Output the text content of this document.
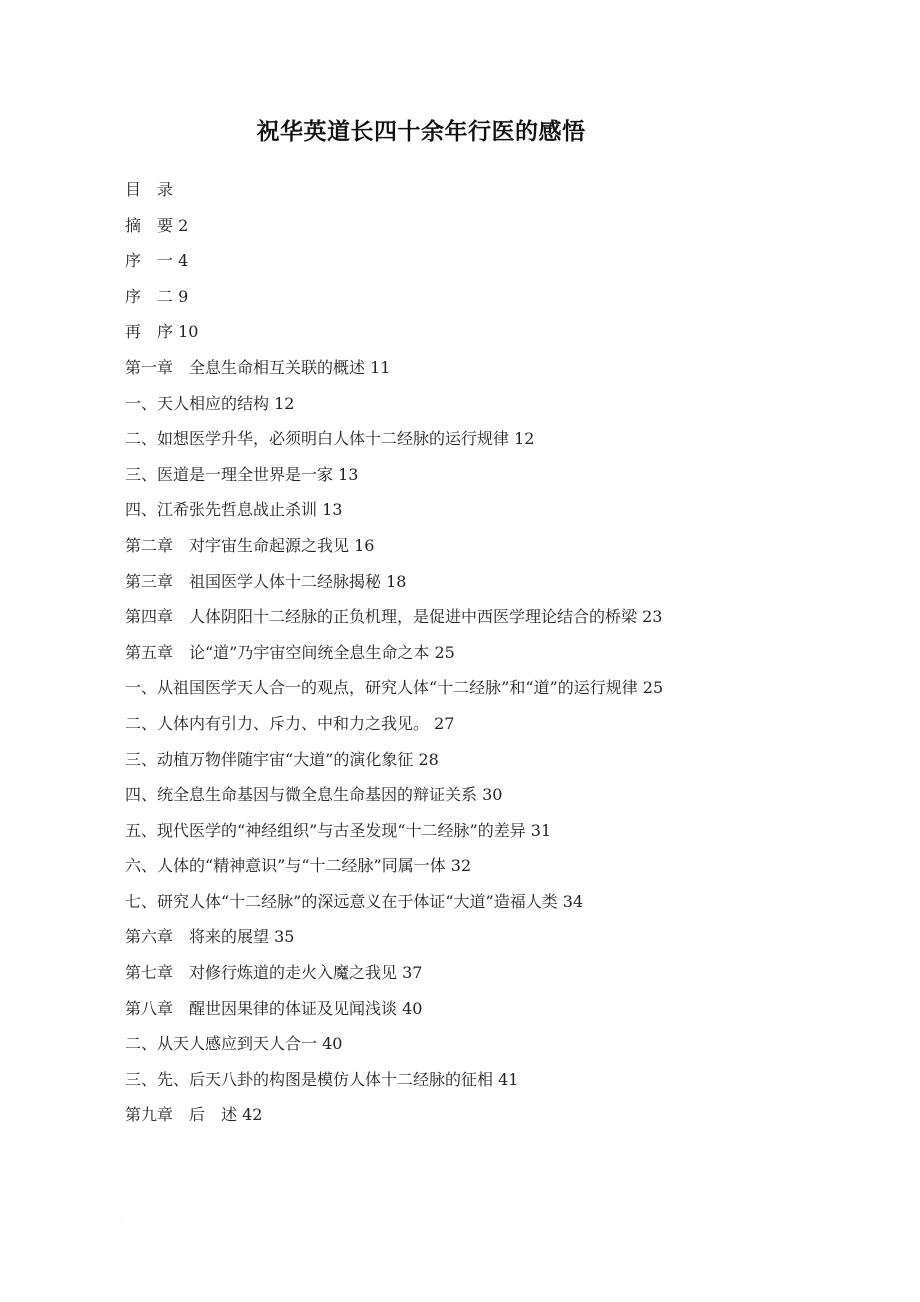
祝华英道长四十余年行医的感悟
目　录
摘　要 2
序　一 4
序　二 9
再　序 10
第一章　全息生命相互关联的概述 11
一、天人相应的结构 12
二、如想医学升华，必须明白人体十二经脉的运行规律 12
三、医道是一理全世界是一家 13
四、江希张先哲息战止杀训 13
第二章　对宇宙生命起源之我见 16
第三章　祖国医学人体十二经脉揭秘 18
第四章　人体阴阳十二经脉的正负机理，是促进中西医学理论结合的桥梁 23
第五章　论“道”乃宇宙空间统全息生命之本 25
一、从祖国医学天人合一的观点，研究人体“十二经脉”和“道”的运行规律 25
二、人体内有引力、斥力、中和力之我见。 27
三、动植万物伴随宇宙“大道”的演化象征 28
四、统全息生命基因与微全息生命基因的辩证关系 30
五、现代医学的“神经组织”与古圣发现“十二经脉”的差异 31
六、人体的“精神意识”与“十二经脉”同属一体 32
七、研究人体“十二经脉”的深远意义在于体证“大道”造福人类 34
第六章　将来的展望 35
第七章　对修行炼道的走火入魔之我见 37
第八章　醒世因果律的体证及见闻浅谈 40
二、从天人感应到天人合一 40
三、先、后天八卦的构图是模仿人体十二经脉的征相 41
第九章　后　述 42
.
